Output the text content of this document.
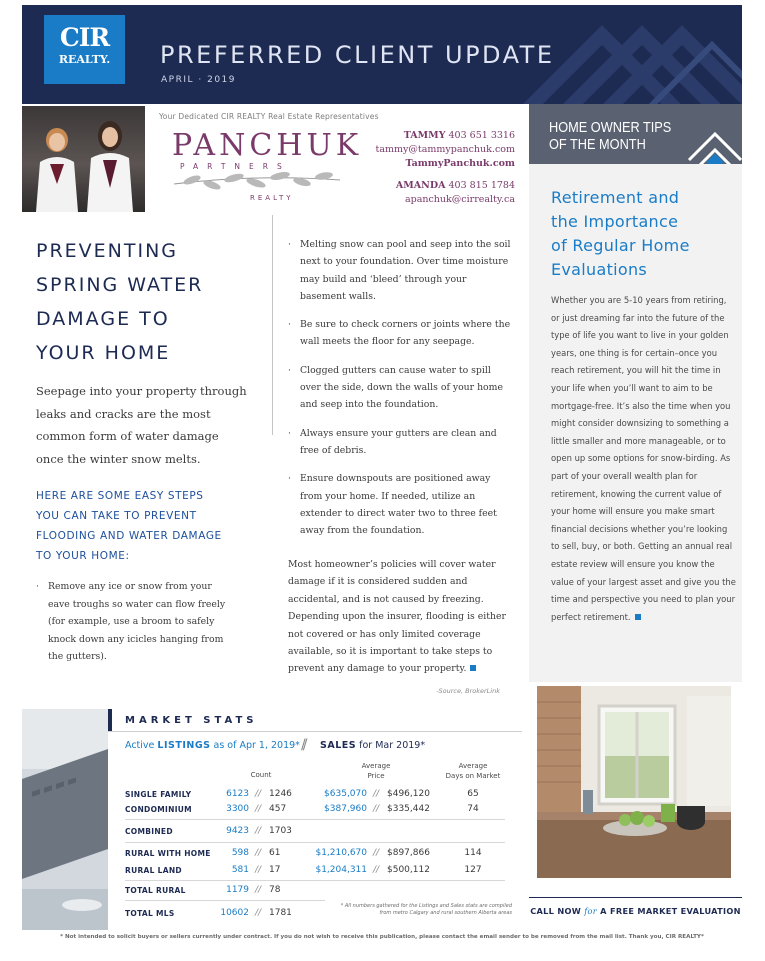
CIR
REALTY.	PREFERRED CLIENT UPDATE
APRIL · 2019
Your Dedicated CIR REALTY Real Estate Representatives
PANCHUK
PARTNERS
REALTY
TAMMY 403 651 3316
tammy@tammypanchuk.com
TammyPanchuk.com
AMANDA 403 815 1784
apanchuk@cirrealty.ca
PREVENTING
SPRING WATER
DAMAGE TO
YOUR HOME
Seepage into your property through leaks and cracks are the most common form of water damage once the winter snow melts.
HERE ARE SOME EASY STEPS
YOU CAN TAKE TO PREVENT
FLOODING AND WATER DAMAGE
TO YOUR HOME:
· Remove any ice or snow from your eave troughs so water can flow freely (for example, use a broom to safely knock down any icicles hanging from the gutters).
· Melting snow can pool and seep into the soil next to your foundation. Over time moisture may build and ‘bleed’ through your basement walls.
· Be sure to check corners or joints where the wall meets the floor for any seepage.
· Clogged gutters can cause water to spill over the side, down the walls of your home and seep into the foundation.
· Always ensure your gutters are clean and free of debris.
· Ensure downspouts are positioned away from your home. If needed, utilize an extender to direct water two to three feet away from the foundation.
Most homeowner’s policies will cover water damage if it is considered sudden and accidental, and is not caused by freezing. Depending upon the insurer, flooding is either not covered or has only limited coverage available, so it is important to take steps to prevent any damage to your property.
-Source, BrokerLink
HOME OWNER TIPS
OF THE MONTH
Retirement and
the Importance
of Regular Home
Evaluations
Whether you are 5-10 years from retiring, or just dreaming far into the future of the type of life you want to live in your golden years, one thing is for certain–once you reach retirement, you will hit the time in your life when you’ll want to aim to be mortgage-free. It’s also the time when you might consider downsizing to something a little smaller and more manageable, or to open up some options for snow-birding. As part of your overall wealth plan for retirement, knowing the current value of your home will ensure you make smart financial decisions whether you’re looking to sell, buy, or both. Getting an annual real estate review will ensure you know the value of your largest asset and give you the time and perspective you need to plan your perfect retirement.
CALL NOW for A FREE MARKET EVALUATION
MARKET STATS
Active LISTINGS as of Apr 1, 2019* // SALES for Mar 2019*
Count
Average
Price
Average
Days on Market
SINGLE FAMILY	6123 // 1246	$635,070 // $496,120	65
CONDOMINIUM	3300 // 457	$387,960 // $335,442	74
COMBINED	9423 // 1703
RURAL WITH HOME	598 // 61	$1,210,670 // $897,866	114
RURAL LAND	581 // 17	$1,204,311 // $500,112	127
TOTAL RURAL	1179 // 78
TOTAL MLS	10602 // 1781
* All numbers gathered for the Listings and Sales stats are compiled from metro Calgary and rural southern Alberta areas
* Not intended to solicit buyers or sellers currently under contract. If you do not wish to receive this publication, please contact the email sender to be removed from the mail list. Thank you, CIR REALTY*
